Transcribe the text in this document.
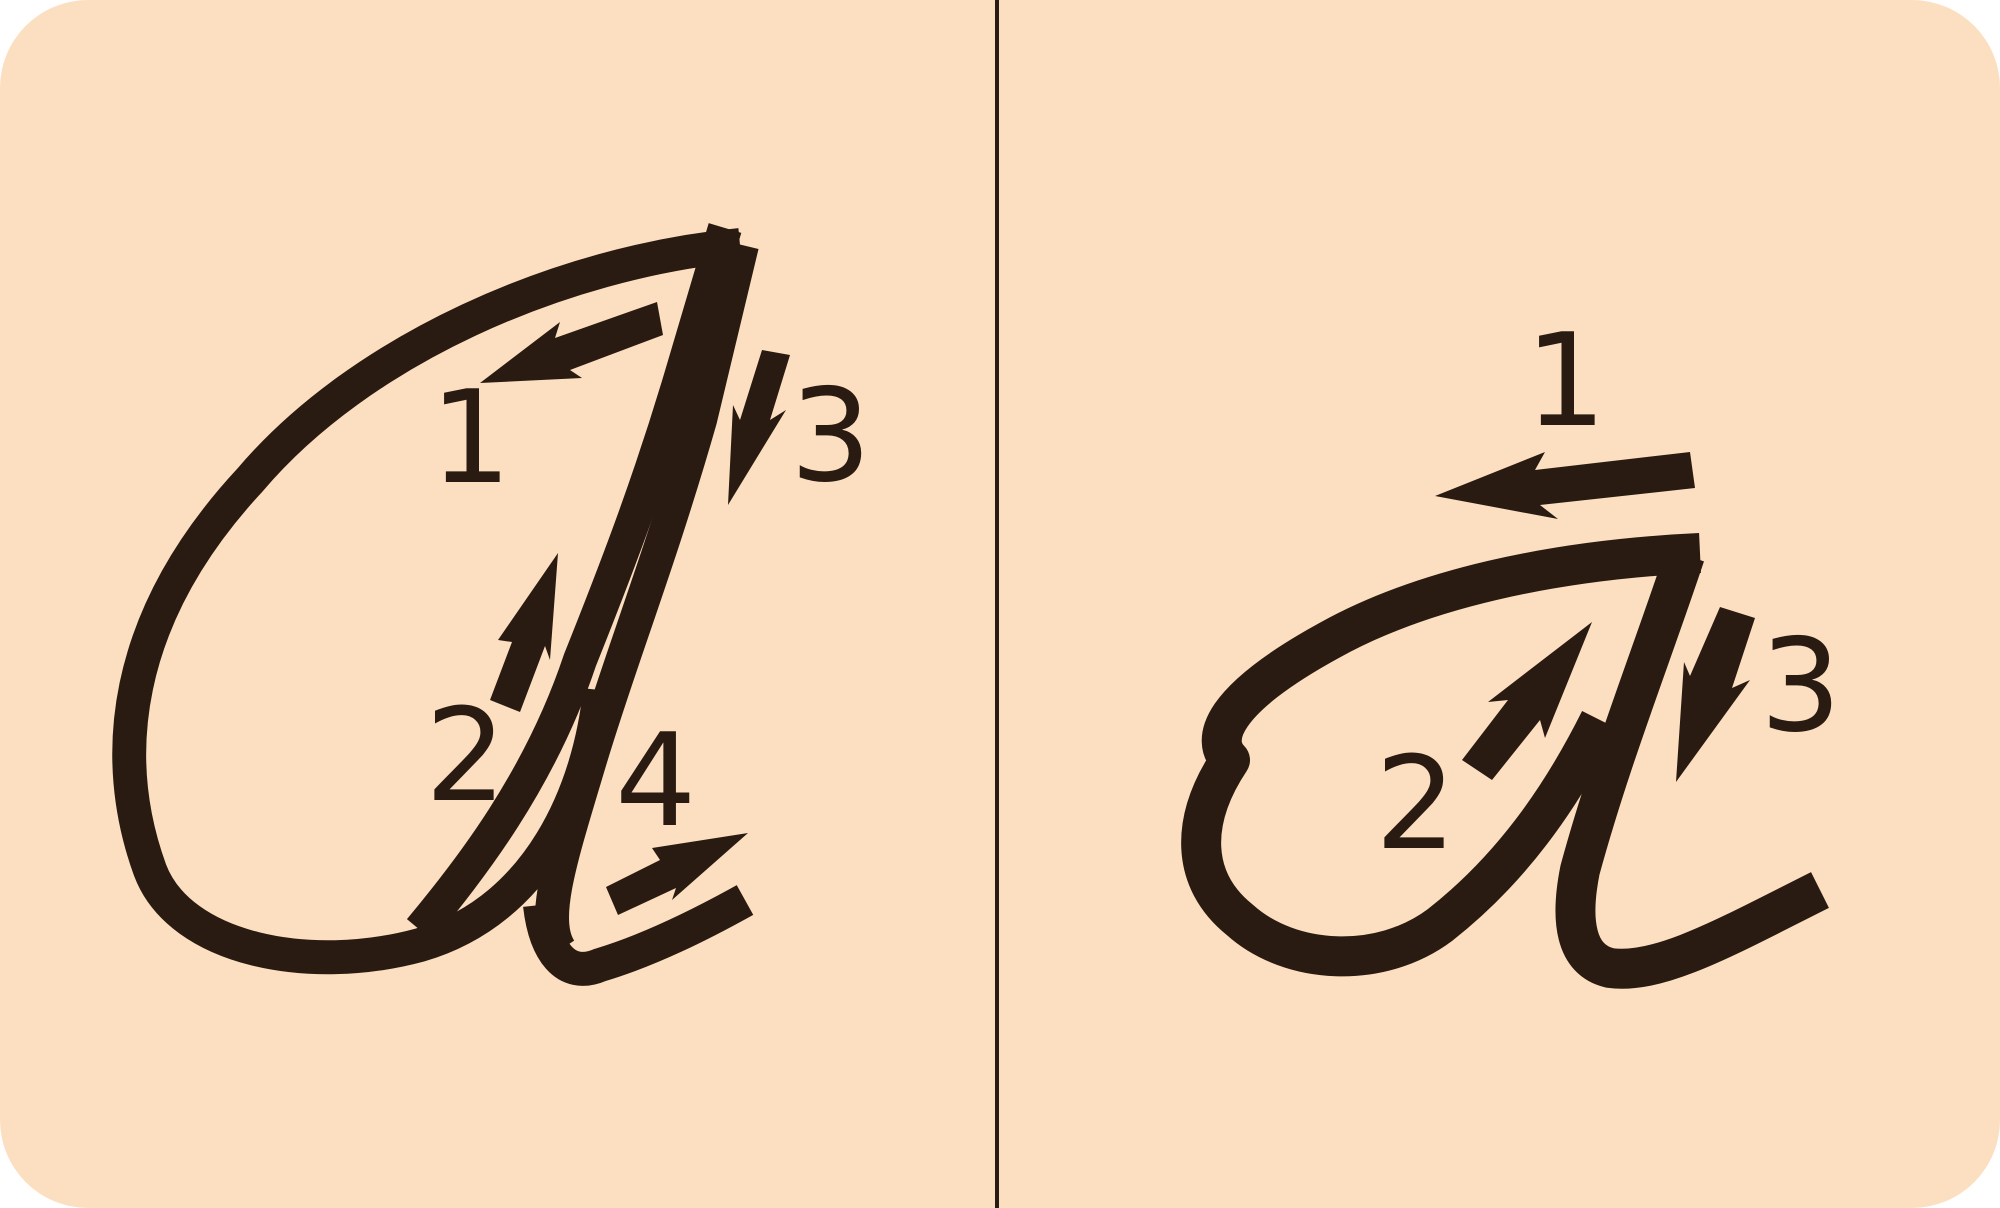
1
2
3
4
1
2
3
